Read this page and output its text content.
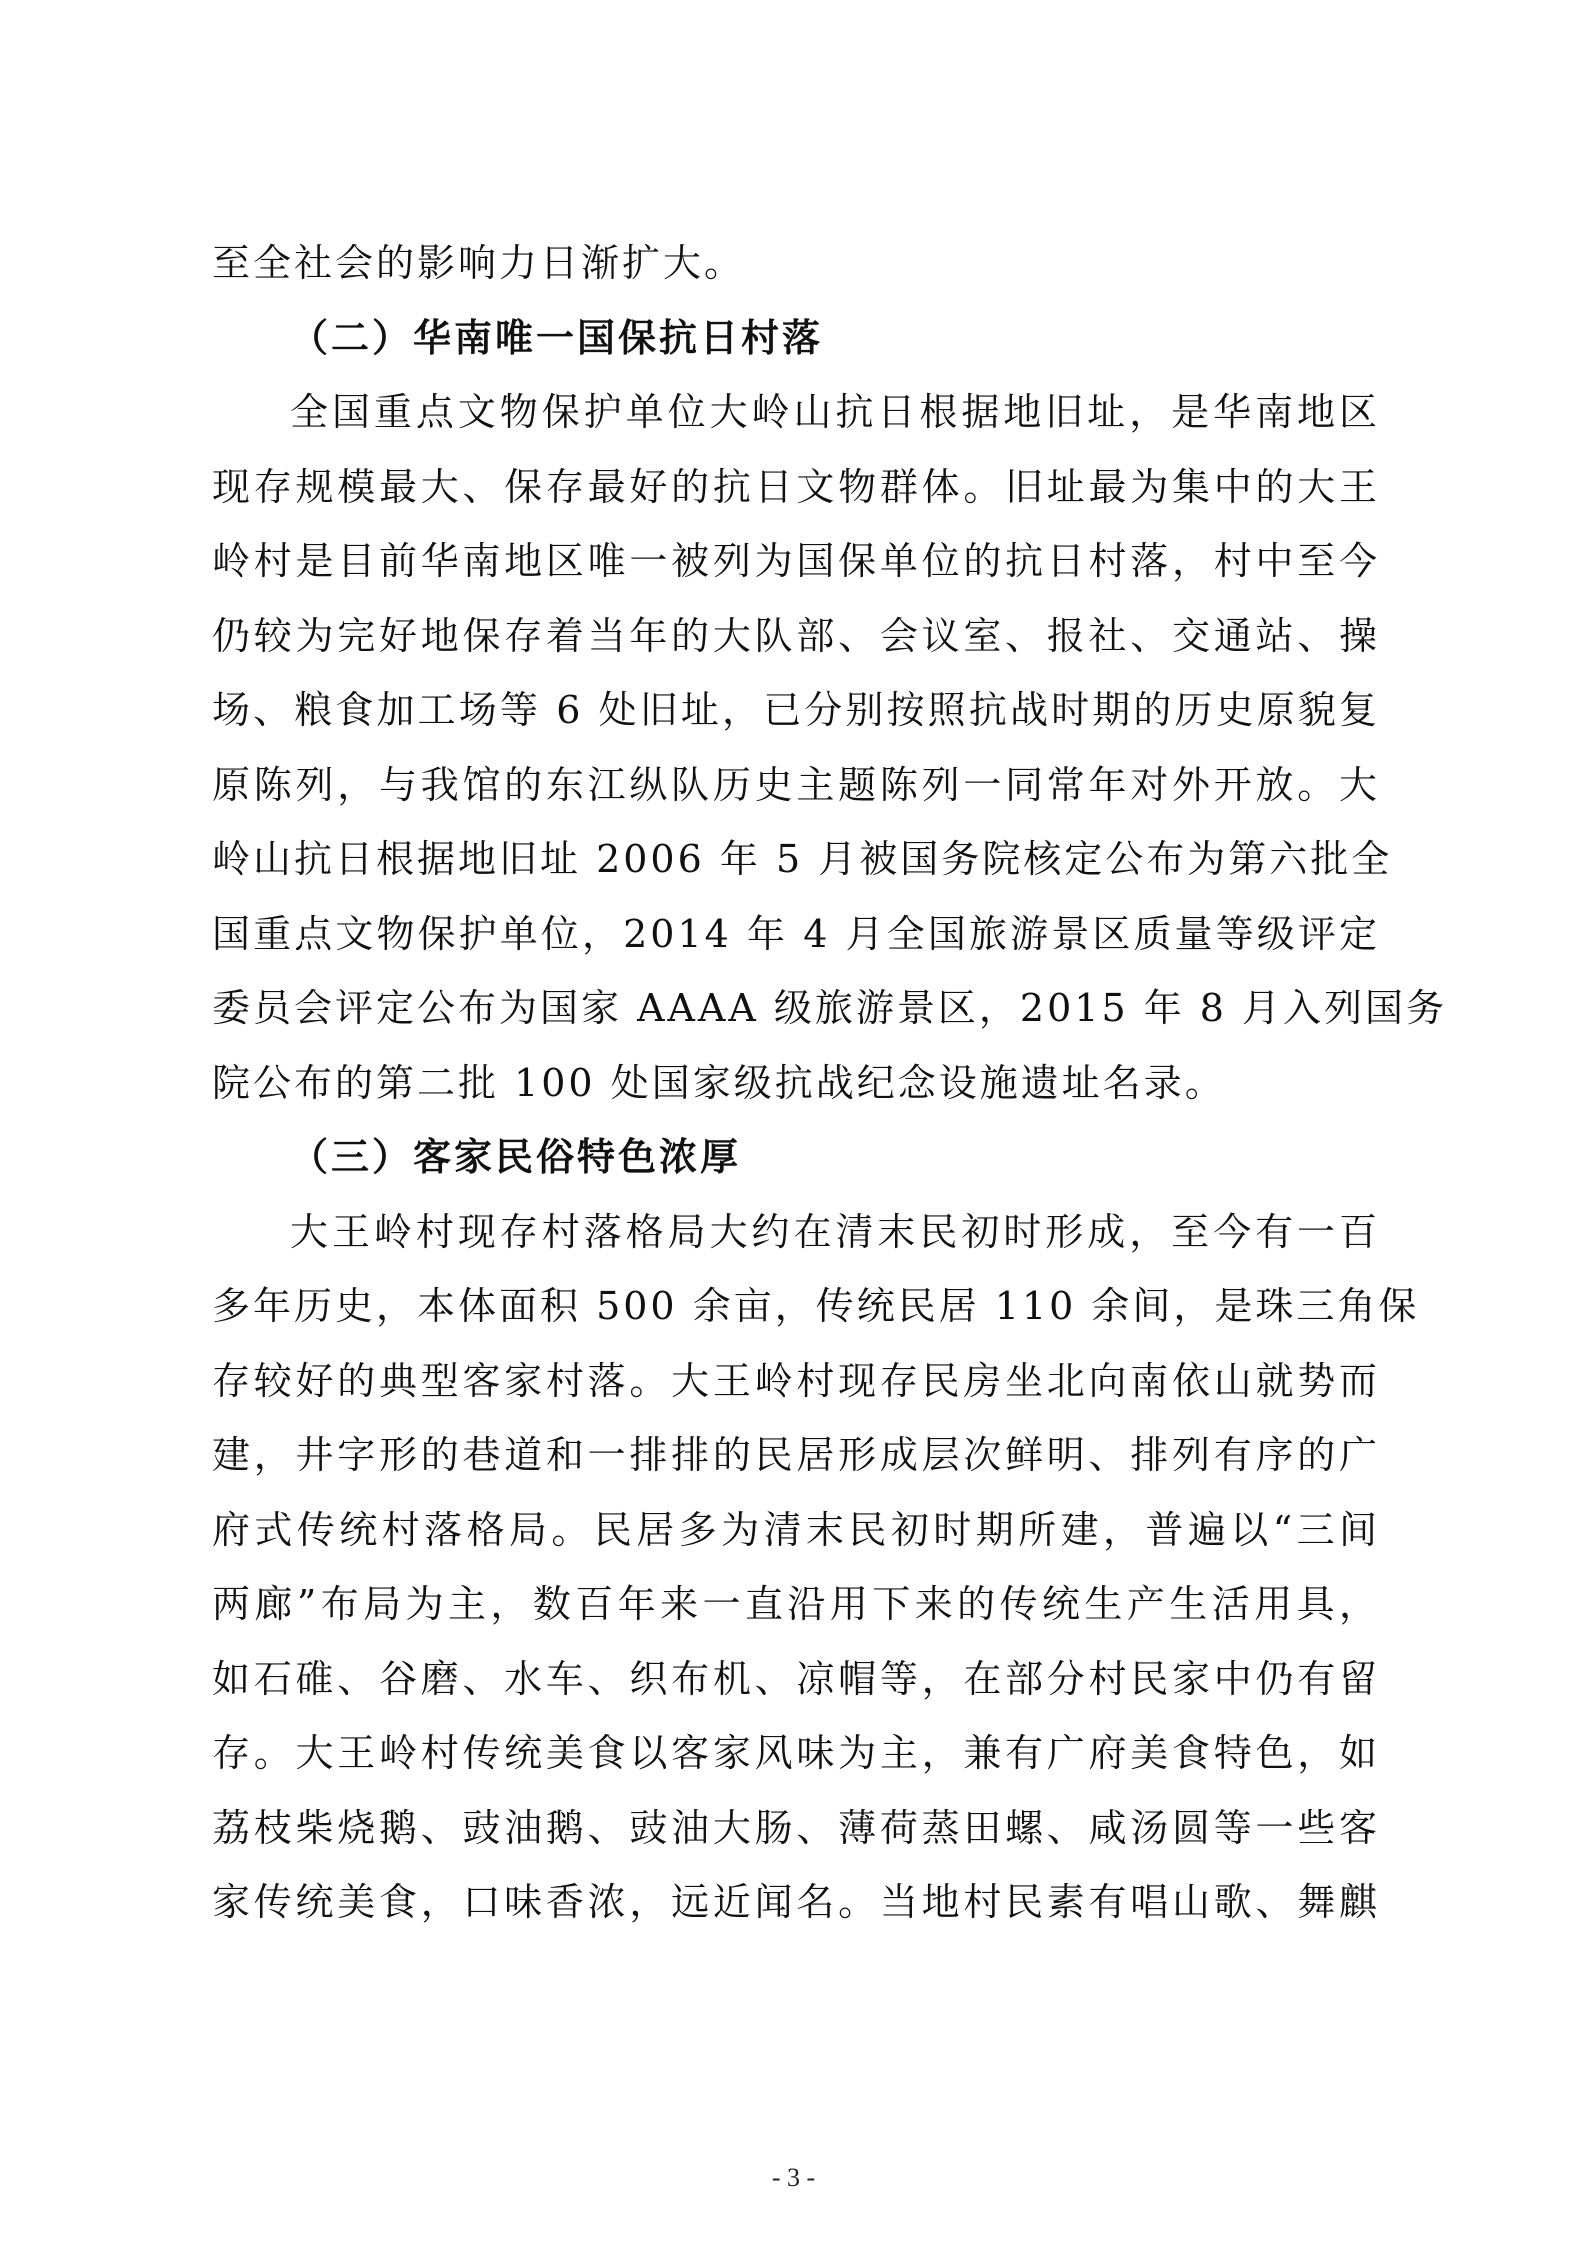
至全社会的影响力日渐扩大。
（二）华南唯一国保抗日村落
全国重点文物保护单位大岭山抗日根据地旧址，是华南地区
现存规模最大、保存最好的抗日文物群体。旧址最为集中的大王
岭村是目前华南地区唯一被列为国保单位的抗日村落，村中至今
仍较为完好地保存着当年的大队部、会议室、报社、交通站、操
场、粮食加工场等 6 处旧址，已分别按照抗战时期的历史原貌复
原陈列，与我馆的东江纵队历史主题陈列一同常年对外开放。大
岭山抗日根据地旧址 2006 年 5 月被国务院核定公布为第六批全
国重点文物保护单位，2014 年 4 月全国旅游景区质量等级评定
委员会评定公布为国家 AAAA 级旅游景区，2015 年 8 月入列国务
院公布的第二批 100 处国家级抗战纪念设施遗址名录。
（三）客家民俗特色浓厚
大王岭村现存村落格局大约在清末民初时形成，至今有一百
多年历史，本体面积 500 余亩，传统民居 110 余间，是珠三角保
存较好的典型客家村落。大王岭村现存民房坐北向南依山就势而
建，井字形的巷道和一排排的民居形成层次鲜明、排列有序的广
府式传统村落格局。民居多为清末民初时期所建，普遍以“三间
两廊”布局为主，数百年来一直沿用下来的传统生产生活用具，
如石碓、谷磨、水车、织布机、凉帽等，在部分村民家中仍有留
存。大王岭村传统美食以客家风味为主，兼有广府美食特色，如
荔枝柴烧鹅、豉油鹅、豉油大肠、薄荷蒸田螺、咸汤圆等一些客
家传统美食，口味香浓，远近闻名。当地村民素有唱山歌、舞麒
- 3 -
